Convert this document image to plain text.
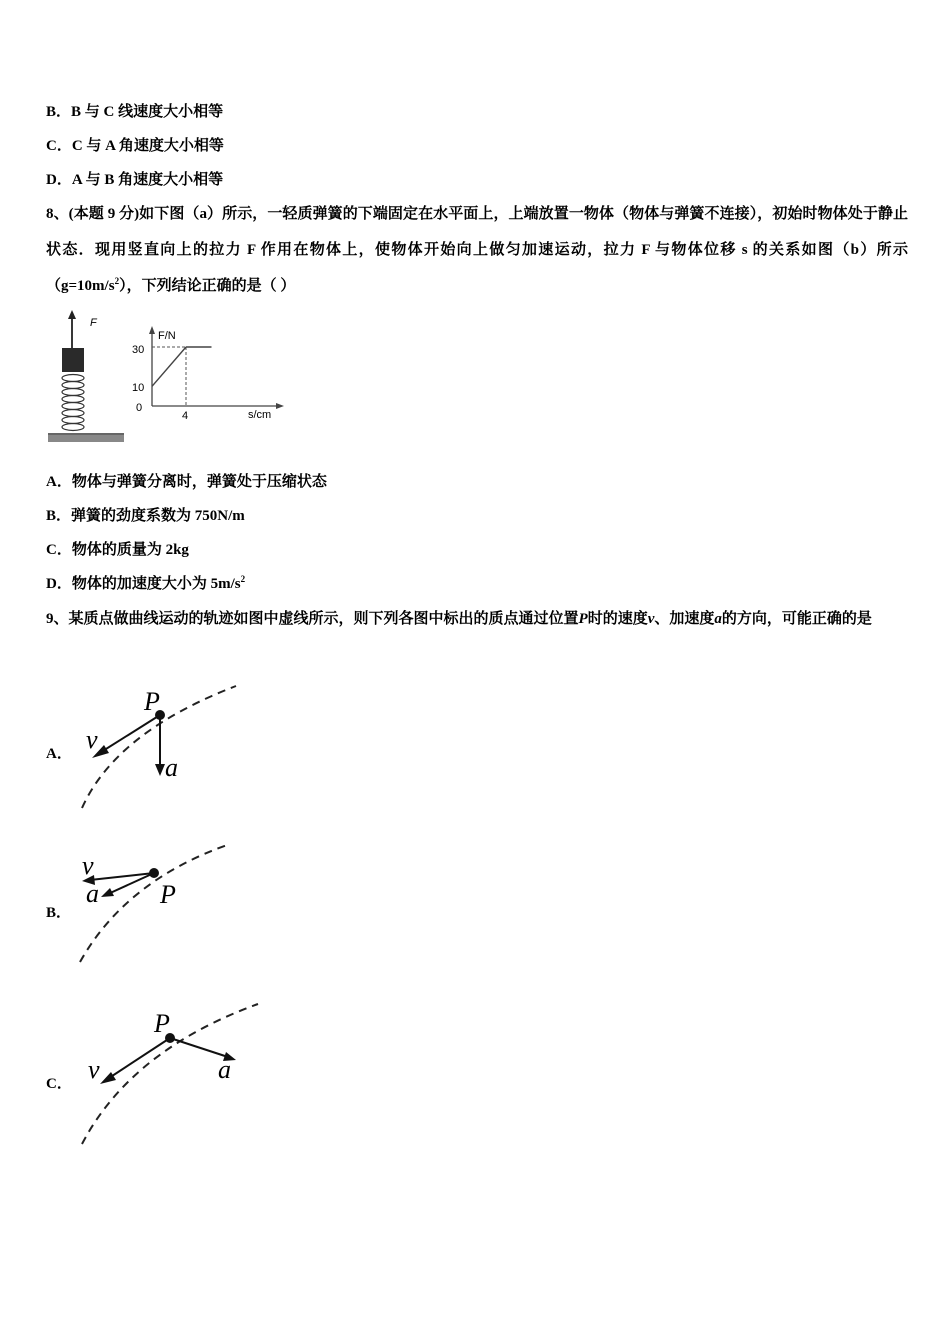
B．B 与 C 线速度大小相等
C．C 与 A 角速度大小相等
D．A 与 B 角速度大小相等
8、(本题 9 分)如下图（a）所示，一轻质弹簧的下端固定在水平面上，上端放置一物体（物体与弹簧不连接），初始时物体处于静止状态．现用竖直向上的拉力 F 作用在物体上，使物体开始向上做匀加速运动，拉力 F 与物体位移 s 的关系如图（b）所示$(g=10m/s^2)$，下列结论正确的是（ ）
F
F/N
s/cm
30
10
0
4
A．物体与弹簧分离时，弹簧处于压缩状态
B．弹簧的劲度系数为 750N/m
C．物体的质量为 2kg
D．物体的加速度大小为 $5m/s^2$
9、某质点做曲线运动的轨迹如图中虚线所示，则下列各图中标出的质点通过位置P时的速度v、加速度a的方向，可能正确的是
A．
P
v
a
B．
P
v
a
C．
P
v	a
